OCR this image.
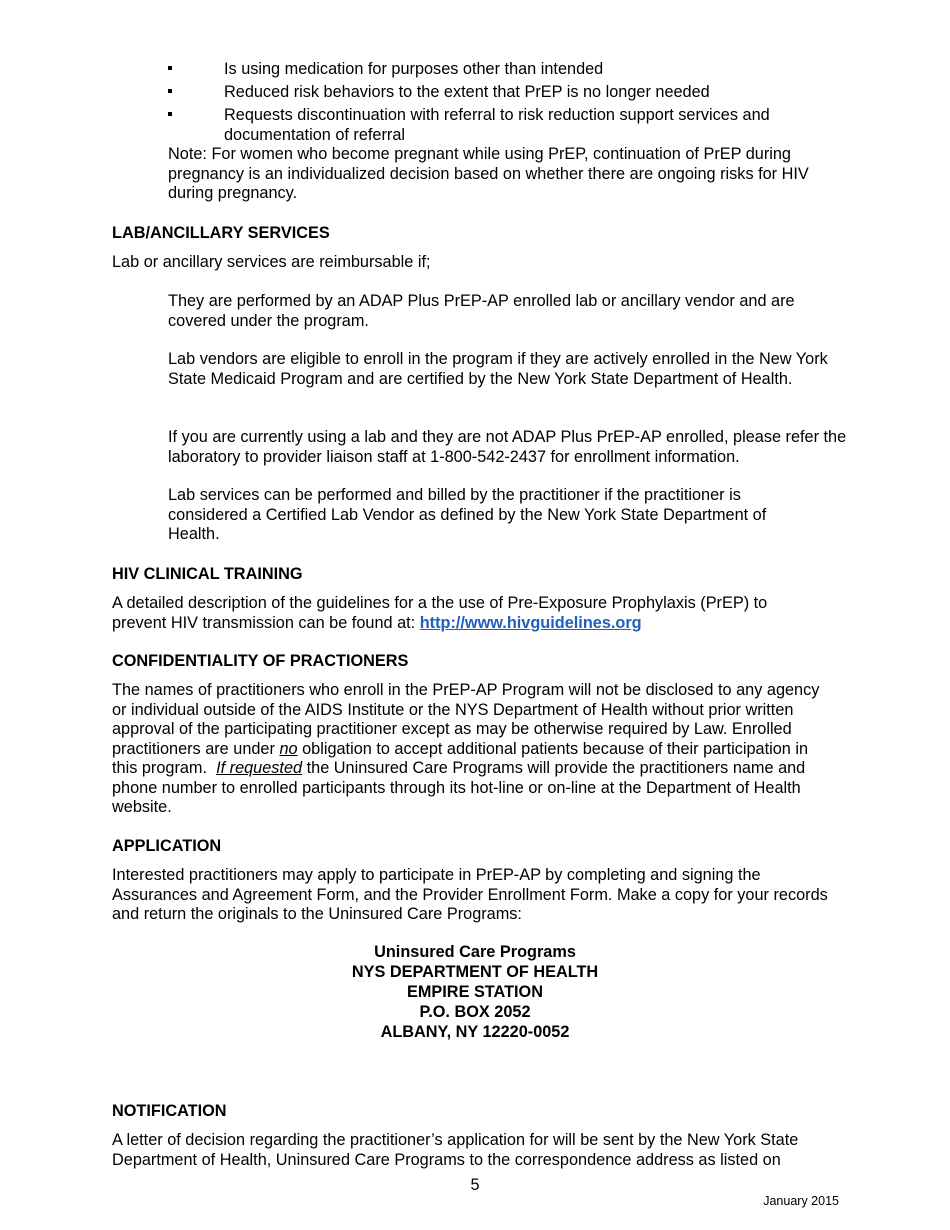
Is using medication for purposes other than intended
Reduced risk behaviors to the extent that PrEP is no longer needed
Requests discontinuation with referral to risk reduction support services and documentation of referral
Note: For women who become pregnant while using PrEP, continuation of PrEP during pregnancy is an individualized decision based on whether there are ongoing risks for HIV during pregnancy.
LAB/ANCILLARY SERVICES
Lab or ancillary services are reimbursable if;
They are performed by an ADAP Plus PrEP-AP enrolled lab or ancillary vendor and are covered under the program.
Lab vendors are eligible to enroll in the program if they are actively enrolled in the New York State Medicaid Program and are certified by the New York State Department of Health.
If you are currently using a lab and they are not ADAP Plus PrEP-AP enrolled, please refer the laboratory to provider liaison staff at 1-800-542-2437 for enrollment information.
Lab services can be performed and billed by the practitioner if the practitioner is considered a Certified Lab Vendor as defined by the New York State Department of Health.
HIV CLINICAL TRAINING
A detailed description of the guidelines for a the use of Pre-Exposure Prophylaxis (PrEP) to prevent HIV transmission can be found at: http://www.hivguidelines.org
CONFIDENTIALITY OF PRACTIONERS
The names of practitioners who enroll in the PrEP-AP Program will not be disclosed to any agency or individual outside of the AIDS Institute or the NYS Department of Health without prior written approval of the participating practitioner except as may be otherwise required by Law. Enrolled practitioners are under no obligation to accept additional patients because of their participation in this program. If requested the Uninsured Care Programs will provide the practitioners name and phone number to enrolled participants through its hot-line or on-line at the Department of Health website.
APPLICATION
Interested practitioners may apply to participate in PrEP-AP by completing and signing the Assurances and Agreement Form, and the Provider Enrollment Form. Make a copy for your records and return the originals to the Uninsured Care Programs:
Uninsured Care Programs
NYS DEPARTMENT OF HEALTH
EMPIRE STATION
P.O. BOX 2052
ALBANY, NY 12220-0052
NOTIFICATION
A letter of decision regarding the practitioner’s application for will be sent by the New York State Department of Health, Uninsured Care Programs to the correspondence address as listed on
5
January 2015
